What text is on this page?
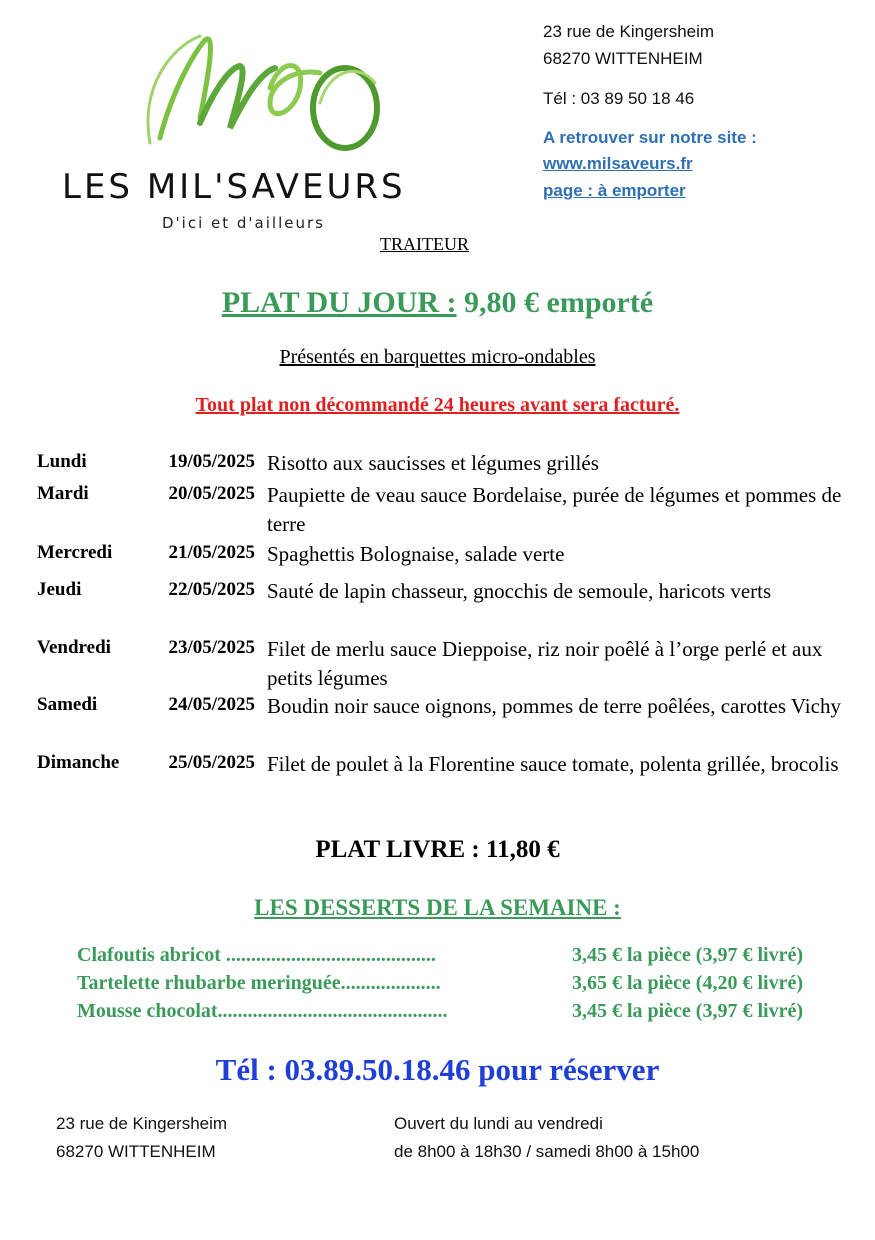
LES MIL'SAVEURS
D'ici et d'ailleurs
TRAITEUR
23 rue de Kingersheim
68270 WITTENHEIM
Tél : 03 89 50 18 46
A retrouver sur notre site :
www.milsaveurs.fr
page : à emporter
PLAT DU JOUR : 9,80 € emporté
Présentés en barquettes micro-ondables
Tout plat non décommandé 24 heures avant sera facturé.
Lundi	19/05/2025 Risotto aux saucisses et légumes grillés
Mardi	20/05/2025 Paupiette de veau sauce Bordelaise, purée de légumes et pommes de terre
Mercredi	21/05/2025 Spaghettis Bolognaise, salade verte
Jeudi	22/05/2025 Sauté de lapin chasseur, gnocchis de semoule, haricots verts
Vendredi	23/05/2025 Filet de merlu sauce Dieppoise, riz noir poêlé à l’orge perlé et aux petits légumes
Samedi	24/05/2025 Boudin noir sauce oignons, pommes de terre poêlées, carottes Vichy
Dimanche	25/05/2025 Filet de poulet à la Florentine sauce tomate, polenta grillée, brocolis
PLAT LIVRE : 11,80 €
LES DESSERTS DE LA SEMAINE :
Clafoutis abricot ..........................................	3,45 € la pièce (3,97 € livré)
Tartelette rhubarbe meringuée....................	3,65 € la pièce (4,20 € livré)
Mousse chocolat..............................................	3,45 € la pièce (3,97 € livré)
Tél : 03.89.50.18.46 pour réserver
23 rue de Kingersheim
68270 WITTENHEIM
Ouvert du lundi au vendredi
de 8h00 à 18h30 / samedi 8h00 à 15h00
